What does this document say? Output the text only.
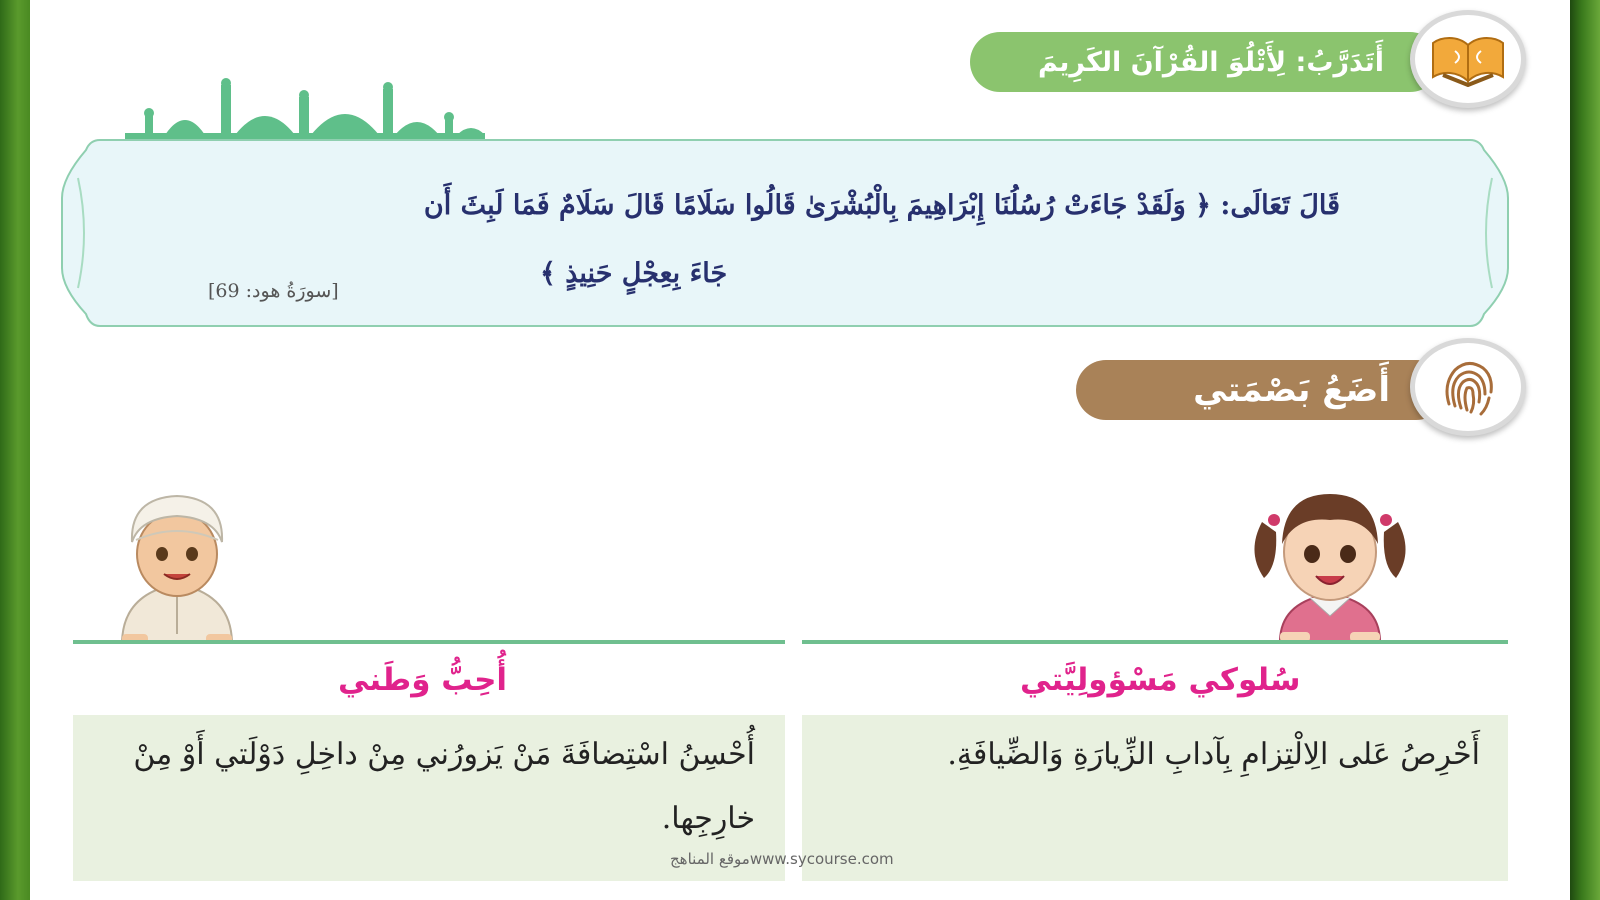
أَتَدَرَّبُ: لِأَتْلُوَ القُرْآنَ الكَرِيمَ
قَالَ تَعَالَى: ﴿ وَلَقَدْ جَاءَتْ رُسُلُنَا إِبْرَاهِيمَ بِالْبُشْرَىٰ قَالُوا سَلَامًا قَالَ سَلَامٌ فَمَا لَبِثَ أَن
جَاءَ بِعِجْلٍ حَنِيذٍ ﴾
[سورَةُ هود: 69]
أَضَعُ بَصْمَتي
أُحِبُّ وَطَني
أُحْسِنُ اسْتِضافَةَ مَنْ يَزورُني مِنْ داخِلِ دَوْلَتي أَوْ مِنْ خارِجِها.
سُلوكي مَسْؤولِيَّتي
أَحْرِصُ عَلى الِالْتِزامِ بِآدابِ الزِّيارَةِ وَالضِّيافَةِ.
موقع المناهجwww.sycourse.com
